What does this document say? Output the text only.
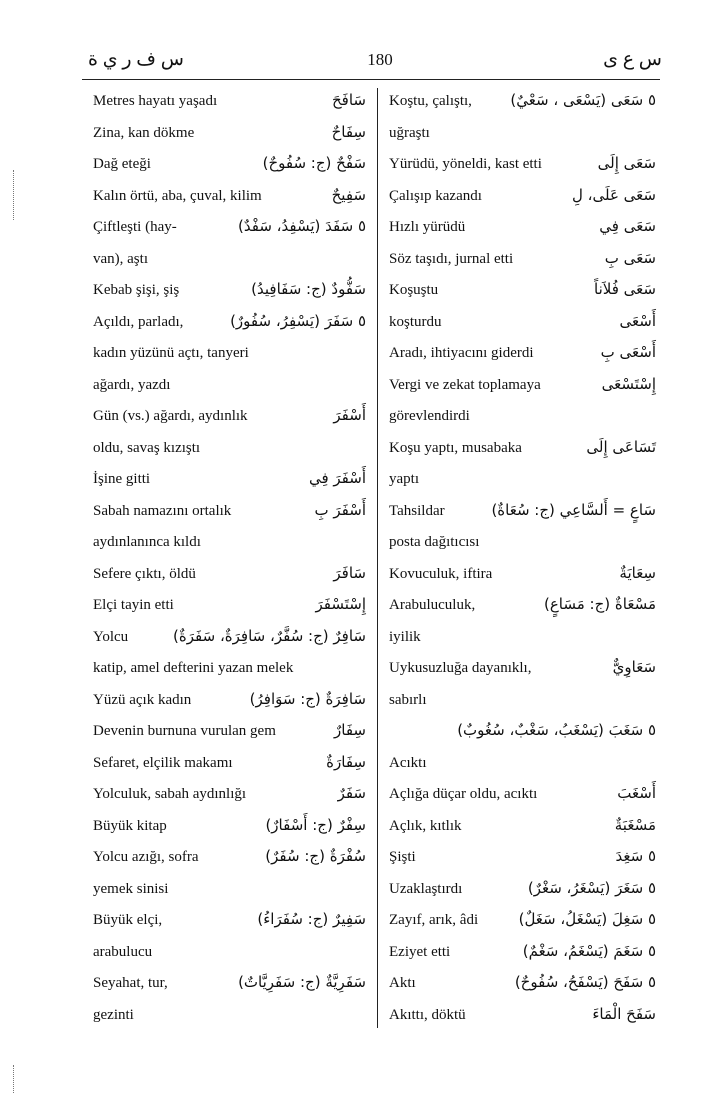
س ف ر ي ة	180	س ع ى
Metres hayatı yaşadı	سَافَحَ
Zina, kan dökme	سِفَاحٌ
Dağ eteği	سَفْحٌ (ج: سُفُوحٌ)
Kalın örtü, aba, çuval, kilim	سَفِيحٌ
Çiftleşti (hay-	٥ سَفَدَ (يَسْفِدُ، سَفْدٌ)
van), aştı
Kebab şişi, şiş	سَفُّودٌ (ج: سَفَافِيدُ)
Açıldı, parladı,	٥ سَفَرَ (يَسْفِرُ، سُفُورٌ)
kadın yüzünü açtı, tanyeri
ağardı, yazdı
Gün (vs.) ağardı, aydınlık	أَسْفَرَ
oldu, savaş kızıştı
İşine gitti	أَسْفَرَ فِي
Sabah namazını ortalık	أَسْفَرَ بِ
aydınlanınca kıldı
Sefere çıktı, öldü	سَافَرَ
Elçi tayin etti	إِسْتَسْفَرَ
Yolcu	سَافِرٌ (ج: سُفَّرٌ، سَافِرَةٌ، سَفَرَةٌ)
katip, amel defterini yazan melek
Yüzü açık kadın	سَافِرَةٌ (ج: سَوَافِرُ)
Devenin burnuna vurulan gem	سِفَارٌ
Sefaret, elçilik makamı	سِفَارَةٌ
Yolculuk, sabah aydınlığı	سَفَرٌ
Büyük kitap	سِفْرٌ (ج: أَسْفَارٌ)
Yolcu azığı, sofra	سُفْرَةٌ (ج: سُفَرٌ)
yemek sinisi
Büyük elçi,	سَفِيرٌ (ج: سُفَرَاءُ)
arabulucu
Seyahat, tur,	سَفَرِيَّةٌ (ج: سَفَرِيَّاتٌ)
gezinti
Koştu, çalıştı,	٥ سَعَى (يَسْعَى ، سَعْيٌ)
uğraştı
Yürüdü, yöneldi, kast etti	سَعَى إِلَى
Çalışıp kazandı	سَعَى عَلَى، لِ
Hızlı yürüdü	سَعَى فِي
Söz taşıdı, jurnal etti	سَعَى بِ
Koşuştu	سَعَى فُلاَناً
koşturdu	أَسْعَى
Aradı, ihtiyacını giderdi	أَسْعَى بِ
Vergi ve zekat toplamaya	إِسْتَسْعَى
görevlendirdi
Koşu yaptı, musabaka	تَسَاعَى إِلَى
yaptı
Tahsildar	سَاعٍ = أَلسَّاعِي (ج: سُعَاةٌ)
posta dağıtıcısı
Kovuculuk, iftira	سِعَايَةٌ
Arabuluculuk,	مَسْعَاةٌ (ج: مَسَاعٍ)
iyilik
Uykusuzluğa dayanıklı,	سَعَاوِيٌّ
sabırlı
٥ سَغَبَ (يَسْغَبُ، سَغْبٌ، سُغُوبٌ)
Acıktı
Açlığa düçar oldu, acıktı	أَسْغَبَ
Açlık, kıtlık	مَسْغَبَةٌ
Şişti	٥ سَغِدَ
Uzaklaştırdı	٥ سَغَرَ (يَسْغَرُ، سَغْرٌ)
Zayıf, arık, âdi	٥ سَغِلَ (يَسْغَلُ، سَغَلٌ)
Eziyet etti	٥ سَغَمَ (يَسْغَمُ، سَغْمٌ)
Aktı	٥ سَفَحَ (يَسْفَحُ، سُفُوحٌ)
Akıttı, döktü	سَفَحَ الْمَاءَ
